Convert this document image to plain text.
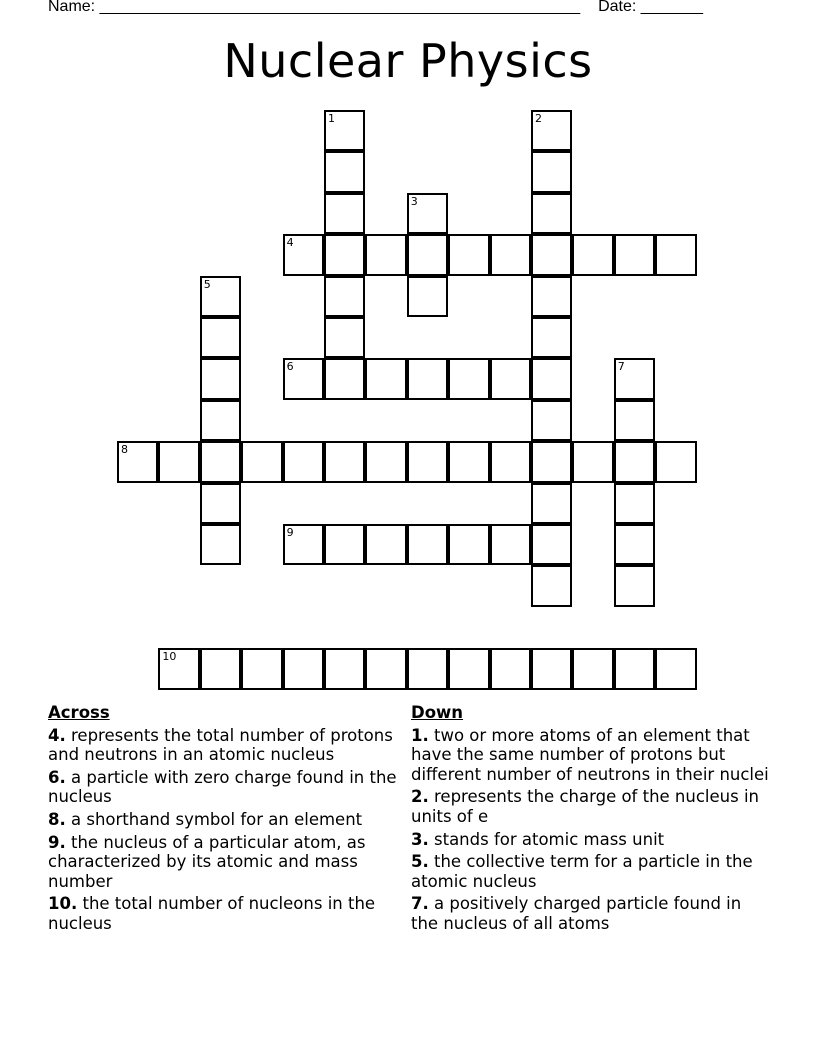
Name: ______________________________________________________ Date: _______
Nuclear Physics
1	2
3
4
5
6	7
8
9
10
Across
4. represents the total number of protons and neutrons in an atomic nucleus
6. a particle with zero charge found in the nucleus
8. a shorthand symbol for an element
9. the nucleus of a particular atom, as characterized by its atomic and mass number
10. the total number of nucleons in the nucleus
Down
1. two or more atoms of an element that have the same number of protons but different number of neutrons in their nuclei
2. represents the charge of the nucleus in units of e
3. stands for atomic mass unit
5. the collective term for a particle in the atomic nucleus
7. a positively charged particle found in the nucleus of all atoms
